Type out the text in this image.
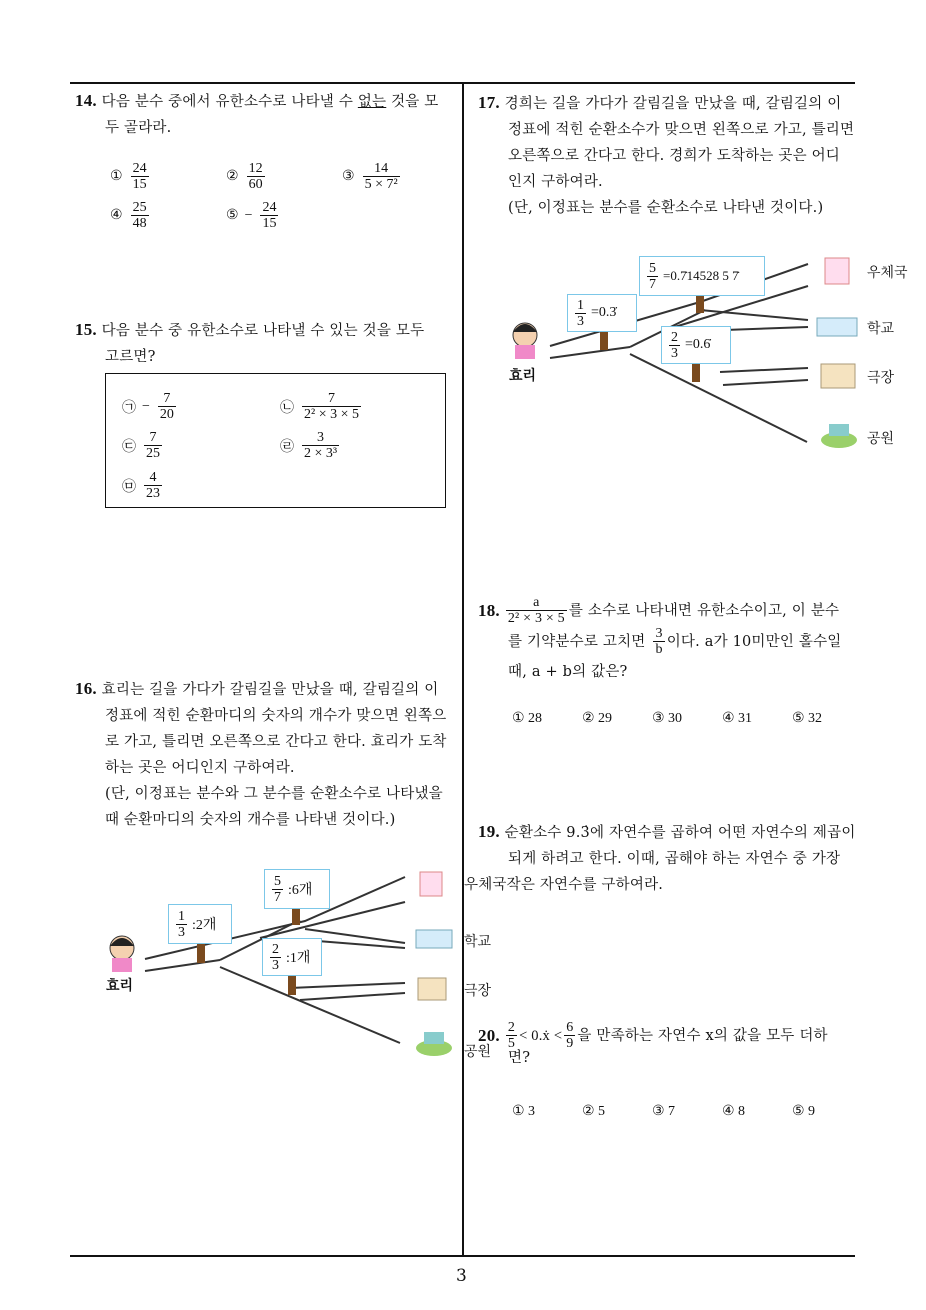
3
14. 다음 분수 중에서 유한소수로 나타낼 수 없는 것을 모
두 골라라.
① $\frac{24}{15}$	② $\frac{12}{60}$	③ $\frac{14}{\text{5 × 7²}}$
④ $\frac{25}{48}$	⑤ − $\frac{24}{15}$
15. 다음 분수 중 유한소수로 나타낼 수 있는 것을 모두
고르면?
㉠ − $\frac{7}{20}$	㉡ $\frac{7}{\text{2² × 3 × 5}}$
㉢ $\frac{7}{25}$	㉣ $\frac{3}{\text{2 × 3³}}$
㉤ $\frac{4}{23}$
16. 효리는 길을 가다가 갈림길을 만났을 때, 갈림길의 이
정표에 적힌 순환마디의 숫자의 개수가 맞으면 왼쪽으
로 가고, 틀리면 오른쪽으로 간다고 한다. 효리가 도착
하는 곳은 어디인지 구하여라.
(단, 이정표는 분수와 그 분수를 순환소수로 나타냈을
때 순환마디의 숫자의 개수를 나타낸 것이다.)
$\frac{1}{3}$ :2개
$\frac{5}{7}$ :6개
$\frac{2}{3}$ :1개
효리
학교
극장
공원
17. 경희는 길을 가다가 갈림길을 만났을 때, 갈림길의 이
정표에 적힌 순환소수가 맞으면 왼쪽으로 가고, 틀리면
오른쪽으로 간다고 한다. 경희가 도착하는 곳은 어디
인지 구하여라.
(단, 이정표는 분수를 순환소수로 나타낸 것이다.)
$\frac{1}{3}$ =0.3̇
$\frac{5}{7}$ =0.7̇14528 5 7̇
$\frac{2}{3}$ =0.6̇
효리
우체국
학교
극장
공원
18. $\frac{a}{\text{2² × 3 × 5}}$ 를 소수로 나타내면 유한소수이고, 이 분수
를 기약분수로 고치면 $\frac{3}{b}$ 이다. a가 10미만인 홀수일
때, a + b의 값은?
① 28	② 29	③ 30	④ 31	⑤ 32
19. 순환소수 9.3̇에 자연수를 곱하여 어떤 자연수의 제곱이
되게 하려고 한다. 이때, 곱해야 하는 자연수 중 가장
우체국작은 자연수를 구하여라.
20. $\frac{2}{5}$ < 0.ẋ < $\frac{6}{9}$ 을 만족하는 자연수 x의 값을 모두 더하
면?
① 3	② 5	③ 7	④ 8	⑤ 9
